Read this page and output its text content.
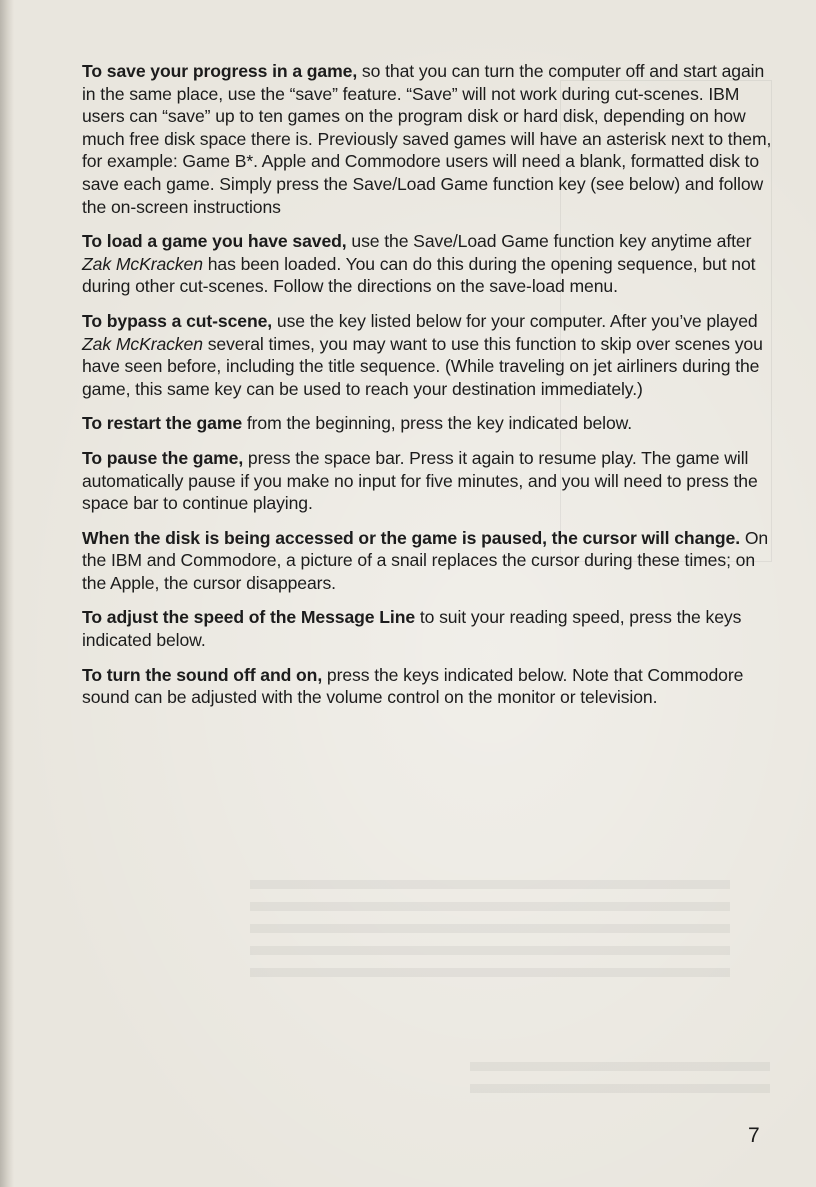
To save your progress in a game, so that you can turn the computer off and start again in the same place, use the “save” feature. “Save” will not work during cut-scenes. IBM users can “save” up to ten games on the program disk or hard disk, depending on how much free disk space there is. Previously saved games will have an asterisk next to them, for example: Game B*. Apple and Commodore users will need a blank, formatted disk to save each game. Simply press the Save/Load Game function key (see below) and follow the on-screen instructions

To load a game you have saved, use the Save/Load Game function key anytime after Zak McKracken has been loaded. You can do this during the opening sequence, but not during other cut-scenes. Follow the directions on the save-load menu.

To bypass a cut-scene, use the key listed below for your computer. After you’ve played Zak McKracken several times, you may want to use this function to skip over scenes you have seen before, including the title sequence. (While traveling on jet airliners during the game, this same key can be used to reach your destination immediately.)

To restart the game from the beginning, press the key indicated below.

To pause the game, press the space bar. Press it again to resume play. The game will automatically pause if you make no input for five minutes, and you will need to press the space bar to continue playing.

When the disk is being accessed or the game is paused, the cursor will change. On the IBM and Commodore, a picture of a snail replaces the cursor during these times; on the Apple, the cursor disappears.

To adjust the speed of the Message Line to suit your reading speed, press the keys indicated below.

To turn the sound off and on, press the keys indicated below. Note that Commodore sound can be adjusted with the volume control on the monitor or television.

7
